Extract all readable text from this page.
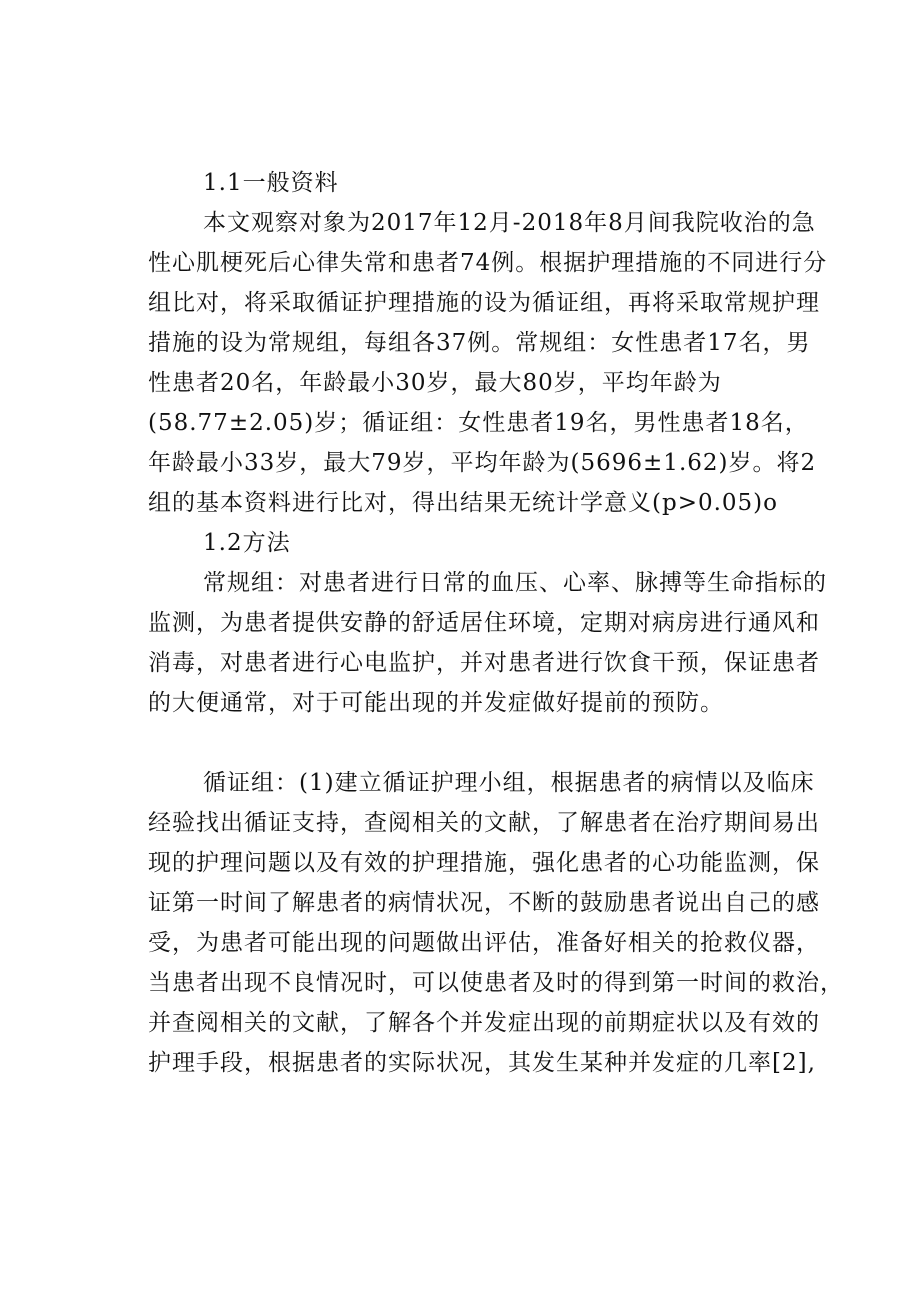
1.1一般资料
本文观察对象为2017年12月-2018年8月间我院收治的急
性心肌梗死后心律失常和患者74例。根据护理措施的不同进行分
组比对，将采取循证护理措施的设为循证组，再将采取常规护理
措施的设为常规组，每组各37例。常规组：女性患者17名，男
性患者20名，年龄最小30岁，最大80岁，平均年龄为
(58.77±2.05)岁；循证组：女性患者19名，男性患者18名，
年龄最小33岁，最大79岁，平均年龄为(5696±1.62)岁。将2
组的基本资料进行比对，得出结果无统计学意义(p>0.05)o
1.2方法
常规组：对患者进行日常的血压、心率、脉搏等生命指标的
监测，为患者提供安静的舒适居住环境，定期对病房进行通风和
消毒，对患者进行心电监护，并对患者进行饮食干预，保证患者
的大便通常，对于可能出现的并发症做好提前的预防。
循证组：(1)建立循证护理小组，根据患者的病情以及临床
经验找出循证支持，查阅相关的文献，了解患者在治疗期间易出
现的护理问题以及有效的护理措施，强化患者的心功能监测，保
证第一时间了解患者的病情状况，不断的鼓励患者说出自己的感
受，为患者可能出现的问题做出评估，准备好相关的抢救仪器，
当患者出现不良情况时，可以使患者及时的得到第一时间的救治，
并查阅相关的文献，了解各个并发症出现的前期症状以及有效的
护理手段，根据患者的实际状况，其发生某种并发症的几率[2],
